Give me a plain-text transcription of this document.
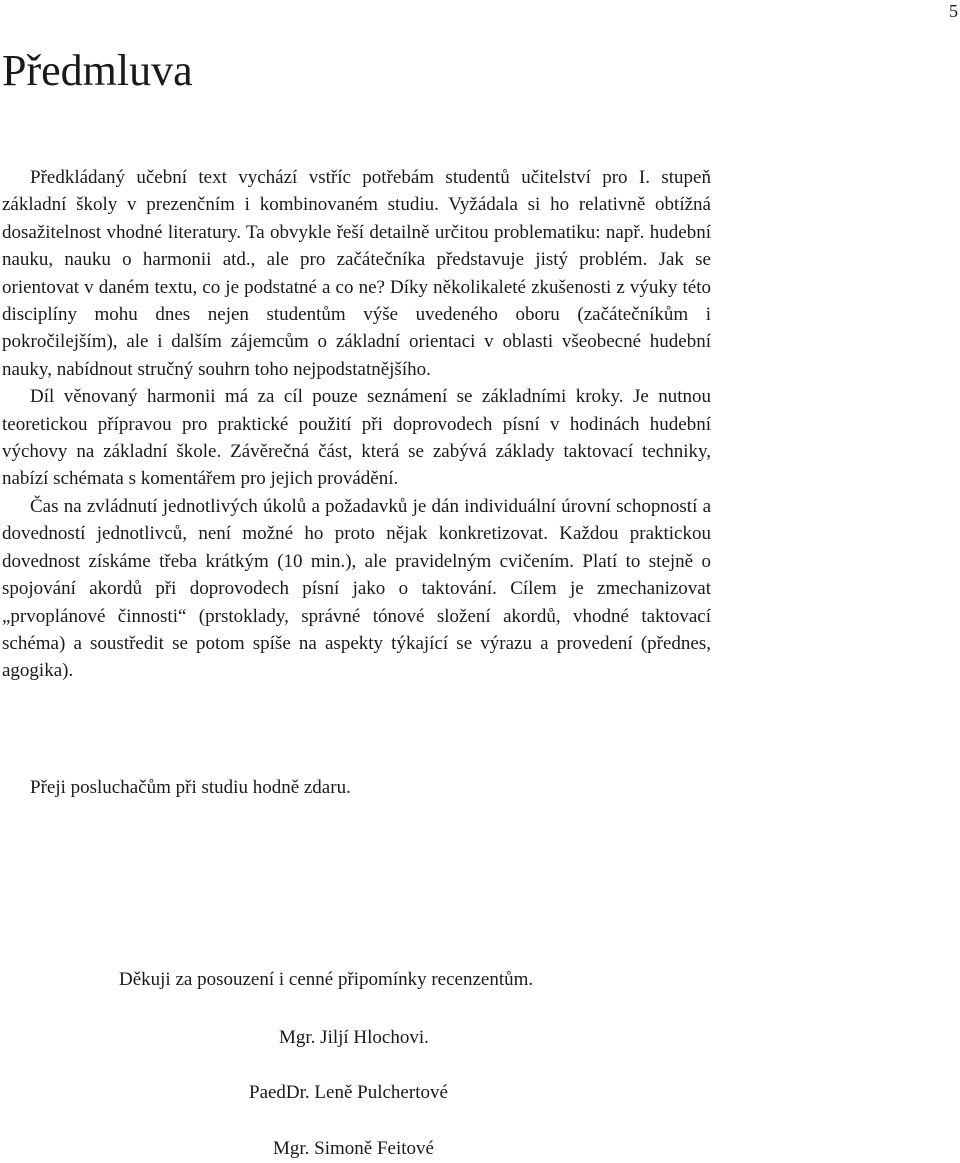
5
Předmluva

Předkládaný učební text vychází vstříc potřebám studentů učitelství pro I. stupeň základní školy v prezenčním i kombinovaném studiu. Vyžádala si ho relativně obtížná dosažitelnost vhodné literatury. Ta obvykle řeší detailně určitou problematiku: např. hudební nauku, nauku o harmonii atd., ale pro začátečníka představuje jistý problém. Jak se orientovat v daném textu, co je podstatné a co ne? Díky několikaleté zkušenosti z výuky této disciplíny mohu dnes nejen studentům výše uvedeného oboru (začátečníkům i pokročilejším), ale i dalším zájemcům o základní orientaci v oblasti všeobecné hudební nauky, nabídnout stručný souhrn toho nejpodstatnějšího.

Díl věnovaný harmonii má za cíl pouze seznámení se základními kroky. Je nutnou teoretickou přípravou pro praktické použití při doprovodech písní v hodinách hudební výchovy na základní škole. Závěrečná část, která se zabývá základy taktovací techniky, nabízí schémata s komentářem pro jejich provádění.

Čas na zvládnutí jednotlivých úkolů a požadavků je dán individuální úrovní schopností a dovedností jednotlivců, není možné ho proto nějak konkretizovat. Každou praktickou dovednost získáme třeba krátkým (10 min.), ale pravidelným cvičením. Platí to stejně o spojování akordů při doprovodech písní jako o taktování. Cílem je zmechanizovat „prvoplánové činnosti“ (prstoklady, správné tónové složení akordů, vhodné taktovací schéma) a soustředit se potom spíše na aspekty týkající se výrazu a provedení (přednes, agogika).

Přeji posluchačům při studiu hodně zdaru.
Děkuji za posouzení i cenné připomínky recenzentům.
Mgr. Jiljí Hlochovi.
PaedDr. Leně Pulchertové
Mgr. Simoně Feitové
